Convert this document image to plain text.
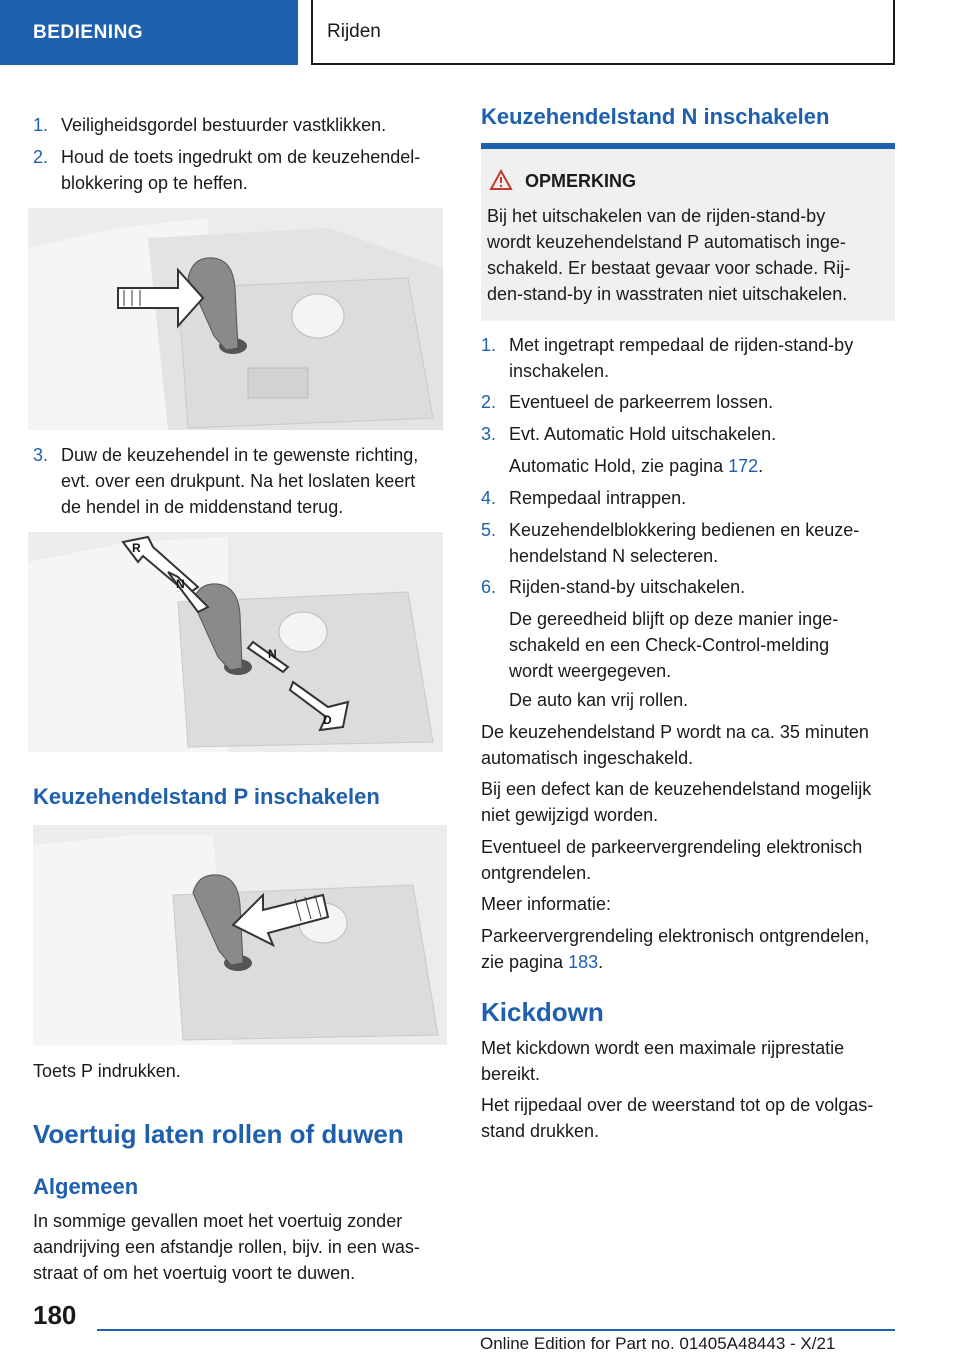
BEDIENING	Rijden
1. Veiligheidsgordel bestuurder vastklikken.
2. Houd de toets ingedrukt om de keuzehendel-
blokkering op te heffen.
3. Duw de keuzehendel in te gewenste richting,
evt. over een drukpunt. Na het loslaten keert
de hendel in de middenstand terug.
R
N
N
D
Keuzehendelstand P inschakelen
Toets P indrukken.
Voertuig laten rollen of duwen
Algemeen
In sommige gevallen moet het voertuig zonder
aandrijving een afstandje rollen, bijv. in een was-
straat of om het voertuig voort te duwen.
Keuzehendelstand N inschakelen
OPMERKING
Bij het uitschakelen van de rijden-stand-by
wordt keuzehendelstand P automatisch inge-
schakeld. Er bestaat gevaar voor schade. Rij-
den-stand-by in wasstraten niet uitschakelen.
1. Met ingetrapt rempedaal de rijden-stand-by
inschakelen.
2. Eventueel de parkeerrem lossen.
3. Evt. Automatic Hold uitschakelen.
Automatic Hold, zie pagina 172.
4. Rempedaal intrappen.
5. Keuzehendelblokkering bedienen en keuze-
hendelstand N selecteren.
6. Rijden-stand-by uitschakelen.
De gereedheid blijft op deze manier inge-
schakeld en een Check-Control-melding
wordt weergegeven.
De auto kan vrij rollen.
De keuzehendelstand P wordt na ca. 35 minuten
automatisch ingeschakeld.
Bij een defect kan de keuzehendelstand mogelijk
niet gewijzigd worden.
Eventueel de parkeervergrendeling elektronisch
ontgrendelen.
Meer informatie:
Parkeervergrendeling elektronisch ontgrendelen,
zie pagina 183.
Kickdown
Met kickdown wordt een maximale rijprestatie
bereikt.
Het rijpedaal over de weerstand tot op de volgas-
stand drukken.
180
Online Edition for Part no. 01405A48443 - X/21
